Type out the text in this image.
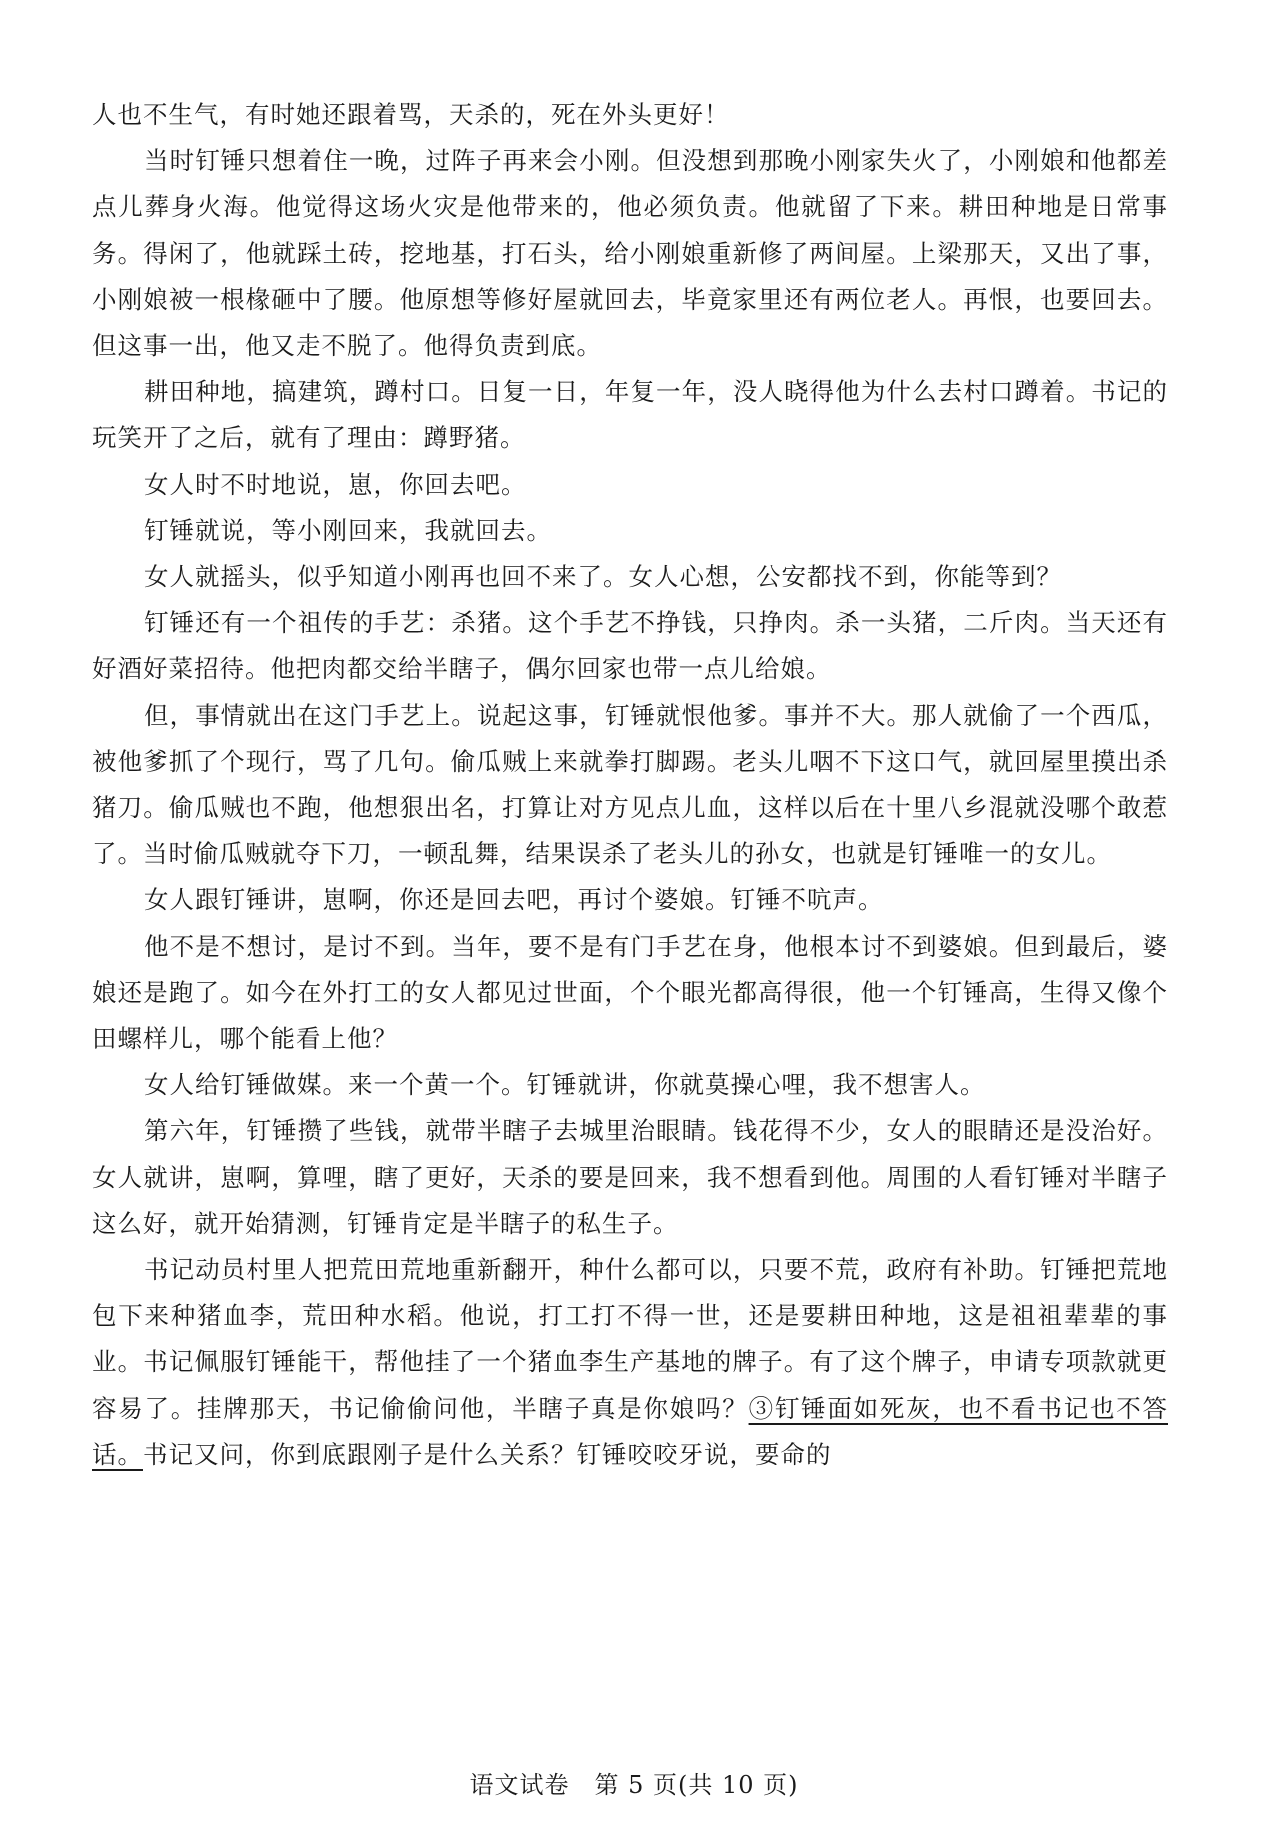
人也不生气，有时她还跟着骂，天杀的，死在外头更好！

当时钉锤只想着住一晚，过阵子再来会小刚。但没想到那晚小刚家失火了，小刚娘和他都差点儿葬身火海。他觉得这场火灾是他带来的，他必须负责。他就留了下来。耕田种地是日常事务。得闲了，他就踩土砖，挖地基，打石头，给小刚娘重新修了两间屋。上梁那天，又出了事，小刚娘被一根椽砸中了腰。他原想等修好屋就回去，毕竟家里还有两位老人。再恨，也要回去。但这事一出，他又走不脱了。他得负责到底。

耕田种地，搞建筑，蹲村口。日复一日，年复一年，没人晓得他为什么去村口蹲着。书记的玩笑开了之后，就有了理由：蹲野猪。

女人时不时地说，崽，你回去吧。

钉锤就说，等小刚回来，我就回去。

女人就摇头，似乎知道小刚再也回不来了。女人心想，公安都找不到，你能等到？

钉锤还有一个祖传的手艺：杀猪。这个手艺不挣钱，只挣肉。杀一头猪，二斤肉。当天还有好酒好菜招待。他把肉都交给半瞎子，偶尔回家也带一点儿给娘。

但，事情就出在这门手艺上。说起这事，钉锤就恨他爹。事并不大。那人就偷了一个西瓜，被他爹抓了个现行，骂了几句。偷瓜贼上来就拳打脚踢。老头儿咽不下这口气，就回屋里摸出杀猪刀。偷瓜贼也不跑，他想狠出名，打算让对方见点儿血，这样以后在十里八乡混就没哪个敢惹了。当时偷瓜贼就夺下刀，一顿乱舞，结果误杀了老头儿的孙女，也就是钉锤唯一的女儿。

女人跟钉锤讲，崽啊，你还是回去吧，再讨个婆娘。钉锤不吭声。

他不是不想讨，是讨不到。当年，要不是有门手艺在身，他根本讨不到婆娘。但到最后，婆娘还是跑了。如今在外打工的女人都见过世面，个个眼光都高得很，他一个钉锤高，生得又像个田螺样儿，哪个能看上他？

女人给钉锤做媒。来一个黄一个。钉锤就讲，你就莫操心哩，我不想害人。

第六年，钉锤攒了些钱，就带半瞎子去城里治眼睛。钱花得不少，女人的眼睛还是没治好。女人就讲，崽啊，算哩，瞎了更好，天杀的要是回来，我不想看到他。周围的人看钉锤对半瞎子这么好，就开始猜测，钉锤肯定是半瞎子的私生子。

书记动员村里人把荒田荒地重新翻开，种什么都可以，只要不荒，政府有补助。钉锤把荒地包下来种猪血李，荒田种水稻。他说，打工打不得一世，还是要耕田种地，这是祖祖辈辈的事业。书记佩服钉锤能干，帮他挂了一个猪血李生产基地的牌子。有了这个牌子，申请专项款就更容易了。挂牌那天，书记偷偷问他，半瞎子真是你娘吗？③钉锤面如死灰，也不看书记也不答话。书记又问，你到底跟刚子是什么关系？钉锤咬咬牙说，要命的

语文试卷　第 5 页(共 10 页)
